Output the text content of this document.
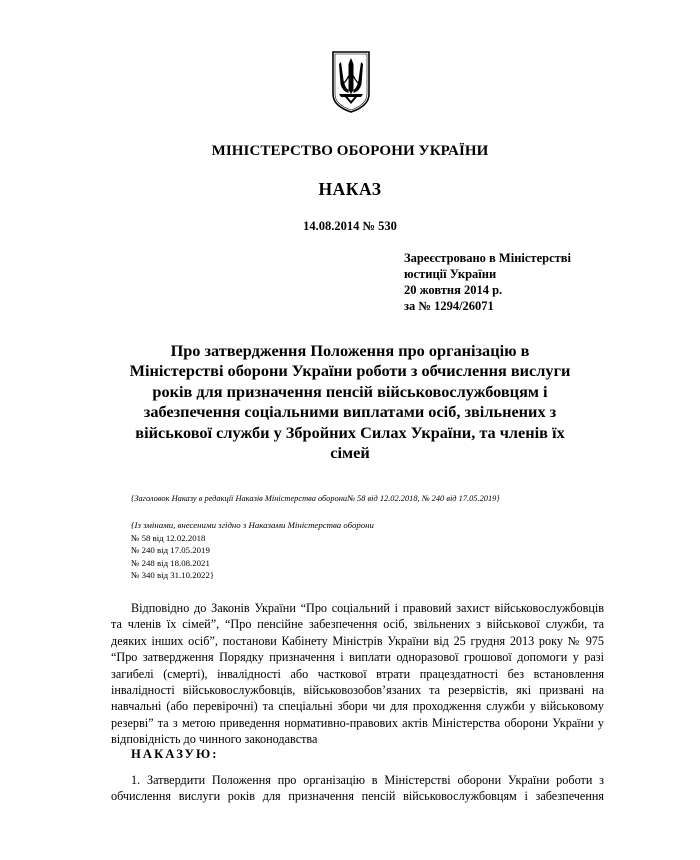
МІНІСТЕРСТВО ОБОРОНИ УКРАЇНИ
НАКАЗ
14.08.2014 № 530
Зареєстровано в Міністерстві
юстиції України
20 жовтня 2014 р.
за № 1294/26071
Про затвердження Положення про організацію в
Міністерстві оборони України роботи з обчислення вислуги
років для призначення пенсій військовослужбовцям і
забезпечення соціальними виплатами осіб, звільнених з
військової служби у Збройних Силах України, та членів їх
сімей
{Заголовок Наказу в редакції Наказів Міністерства оборони№ 58 від 12.02.2018, № 240 від 17.05.2019}
{Із змінами, внесеними згідно з Наказами Міністерства оборони
№ 58 від 12.02.2018
№ 240 від 17.05.2019
№ 248 від 18.08.2021
№ 340 від 31.10.2022}
Відповідно до Законів України “Про соціальний і правовий захист військовослужбовців
та членів їх сімей”, “Про пенсійне забезпечення осіб, звільнених з військової служби, та
деяких інших осіб”, постанови Кабінету Міністрів України від 25 грудня 2013 року № 975
“Про затвердження Порядку призначення і виплати одноразової грошової допомоги у разі
загибелі (смерті), інвалідності або часткової втрати працездатності без встановлення
інвалідності військовослужбовців, військовозобов’язаних та резервістів, які призвані на
навчальні (або перевірочні) та спеціальні збори чи для проходження служби у військовому
резерві” та з метою приведення нормативно-правових актів Міністерства оборони України у
відповідність до чинного законодавства
НАКАЗУЮ:
1. Затвердити Положення про організацію в Міністерстві оборони України роботи з
обчислення вислуги років для призначення пенсій військовослужбовцям і забезпечення
